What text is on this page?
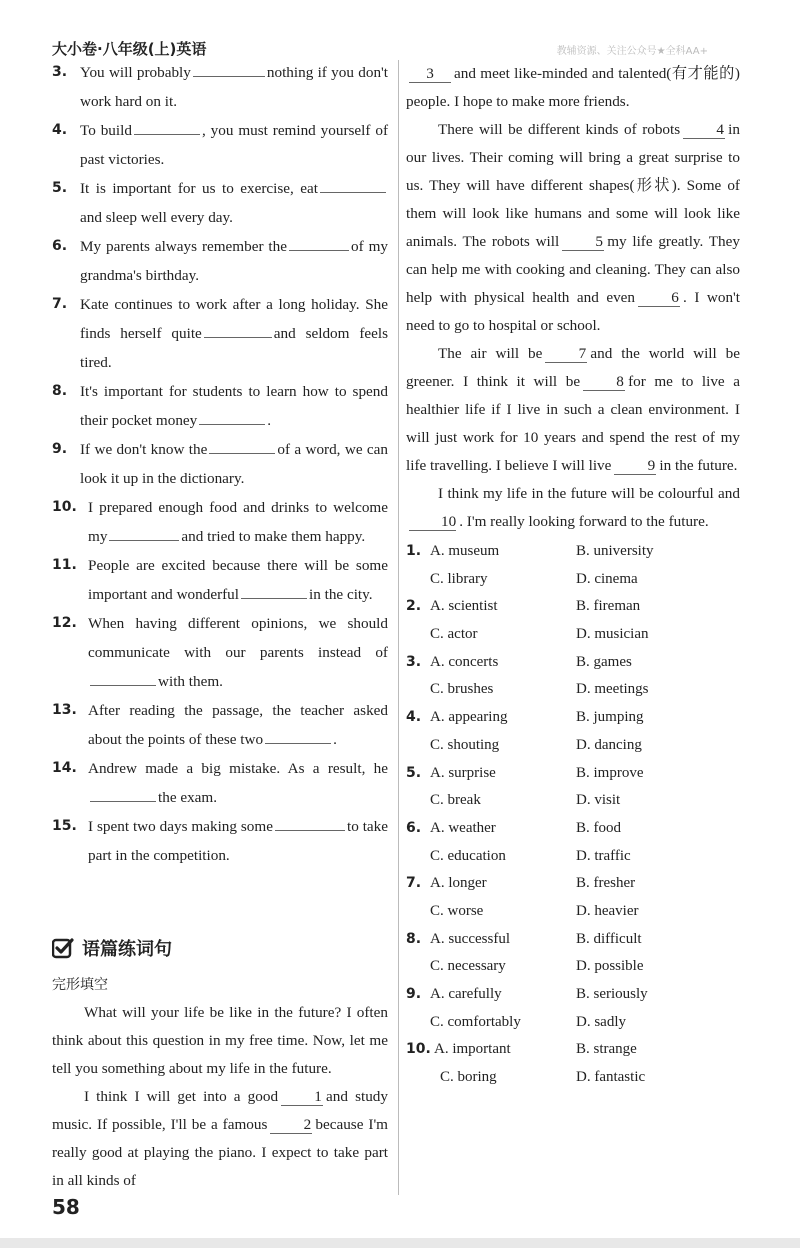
大小卷·八年级(上)英语	教辅资源、关注公众号★全科AA+
3. You will probably	nothing if you don't work hard on it.
4. To build	, you must remind yourself of past victories.
5. It is important for us to exercise, eatand sleep well every day.
6. My parents always remember the	of my grandma's birthday.
7. Kate continues to work after a long holiday. She finds herself quite	and seldom feels tired.
8. It's important for students to learn how to spend their pocket money	.
9. If we don't know the	of a word, we can look it up in the dictionary.
10. I prepared enough food and drinks to welcome my	and tried to make them happy.
11. People are excited because there will be some important and wonderful	in the city.
12. When having different opinions, we should communicate with our parents instead ofwith them.
13. After reading the passage, the teacher asked about the points of these two	.
14. Andrew made a big mistake. As a result, hethe exam.
15. I spent two days making some	to take part in the competition.
语篇练词句
完形填空
What will your life be like in the future? I often think about this question in my free time. Now, let me tell you something about my life in the future.
I think I will get into a good 1 and study music. If possible, I'll be a famous 2 because I'm really good at playing the piano. I expect to take part in all kinds of
3 and meet like-minded and talented(有才能的) people. I hope to make more friends.
There will be different kinds of robots 4 in our lives. Their coming will bring a great surprise to us. They will have different shapes(形状). Some of them will look like humans and some will look like animals. The robots will 5 my life greatly. They can help me with cooking and cleaning. They can also help with physical health and even 6 . I won't need to go to hospital or school.
The air will be 7 and the world will be greener. I think it will be 8 for me to live a healthier life if I live in such a clean environment. I will just work for 10 years and spend the rest of my life travelling. I believe I will live 9 in the future.
I think my life in the future will be colourful and10 . I'm really looking forward to the future.
1. A. museum	B. university
C. library	D. cinema
2. A. scientist	B. fireman
C. actor	D. musician
3. A. concerts	B. games
C. brushes	D. meetings
4. A. appearing	B. jumping
C. shouting	D. dancing
5. A. surprise	B. improve
C. break	D. visit
6. A. weather	B. food
C. education	D. traffic
7. A. longer	B. fresher
C. worse	D. heavier
8. A. successful	B. difficult
C. necessary	D. possible
9. A. carefully	B. seriously
C. comfortably	D. sadly
10. A. important	B. strange
C. boring	D. fantastic
58
